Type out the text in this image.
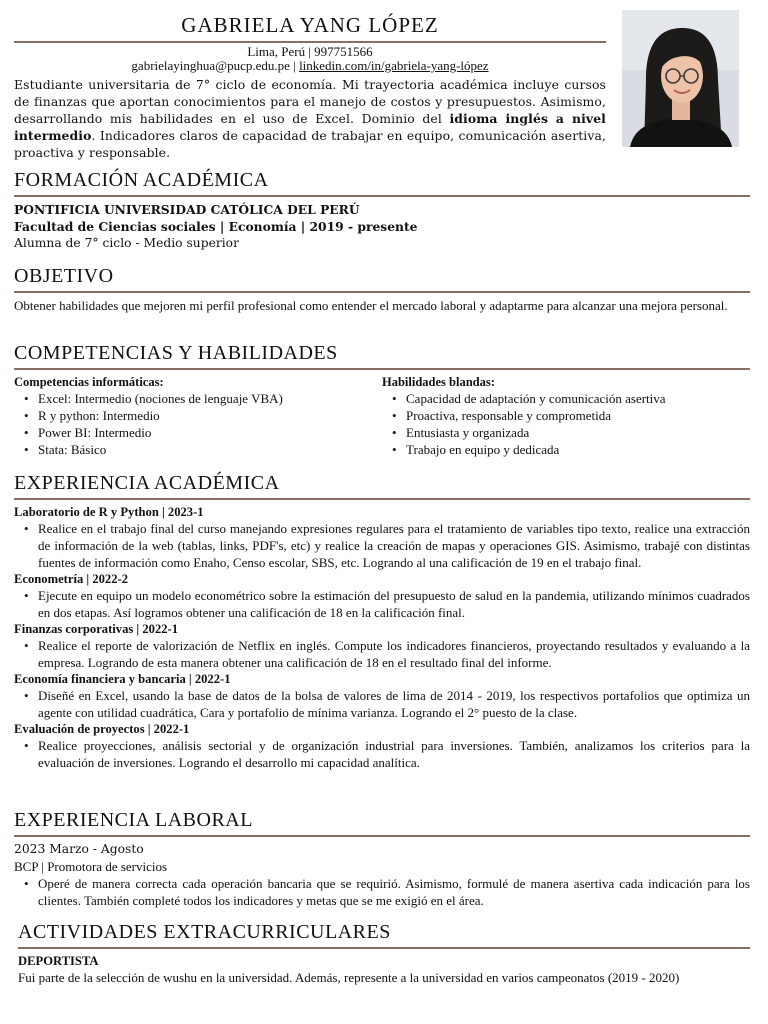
GABRIELA YANG LÓPEZ
Lima, Perú | 997751566
gabrielayinghua@pucp.edu.pe | linkedin.com/in/gabriela-yang-lópez
Estudiante universitaria de 7° ciclo de economía. Mi trayectoria académica incluye cursos de finanzas que aportan conocimientos para el manejo de costos y presupuestos. Asimismo, desarrollando mis habilidades en el uso de Excel. Dominio del idioma inglés a nivel intermedio. Indicadores claros de capacidad de trabajar en equipo, comunicación asertiva, proactiva y responsable.
FORMACIÓN ACADÉMICA
PONTIFICIA UNIVERSIDAD CATÓLICA DEL PERÚ
Facultad de Ciencias sociales | Economía | 2019 - presente
Alumna de 7° ciclo - Medio superior
OBJETIVO
Obtener habilidades que mejoren mi perfil profesional como entender el mercado laboral y adaptarme para alcanzar una mejora personal.
COMPETENCIAS Y HABILIDADES
Competencias informáticas:
• Excel: Intermedio (nociones de lenguaje VBA)
• R y python: Intermedio
• Power BI: Intermedio
• Stata: Básico
Habilidades blandas:
• Capacidad de adaptación y comunicación asertiva
• Proactiva, responsable y comprometida
• Entusiasta y organizada
• Trabajo en equipo y dedicada
EXPERIENCIA ACADÉMICA
Laboratorio de R y Python | 2023-1
• Realice en el trabajo final del curso manejando expresiones regulares para el tratamiento de variables tipo texto, realice una extracción de información de la web (tablas, links, PDF's, etc) y realice la creación de mapas y operaciones GIS. Asimismo, trabajé con distintas fuentes de información como Enaho, Censo escolar, SBS, etc. Logrando al una calificación de 19 en el trabajo final.
Econometría | 2022-2
• Ejecute en equipo un modelo econométrico sobre la estimación del presupuesto de salud en la pandemia, utilizando mínimos cuadrados en dos etapas. Así logramos obtener una calificación de 18 en la calificación final.
Finanzas corporativas | 2022-1
• Realice el reporte de valorización de Netflix en inglés. Compute los indicadores financieros, proyectando resultados y evaluando a la empresa. Logrando de esta manera obtener una calificación de 18 en el resultado final del informe.
Economía financiera y bancaria | 2022-1
• Diseñé en Excel, usando la base de datos de la bolsa de valores de lima de 2014 - 2019, los respectivos portafolios que optimiza un agente con utilidad cuadrática, Cara y portafolio de mínima varianza. Logrando el 2° puesto de la clase.
Evaluación de proyectos | 2022-1
• Realice proyecciones, análisis sectorial y de organización industrial para inversiones. También, analizamos los criterios para la evaluación de inversiones. Logrando el desarrollo mi capacidad analítica.
EXPERIENCIA LABORAL
2023 Marzo - Agosto
BCP | Promotora de servicios
• Operé de manera correcta cada operación bancaria que se requirió. Asimismo, formulé de manera asertiva cada indicación para los clientes. También completé todos los indicadores y metas que se me exigió en el área.
ACTIVIDADES EXTRACURRICULARES
DEPORTISTA
Fui parte de la selección de wushu en la universidad. Además, represente a la universidad en varios campeonatos (2019 - 2020)
